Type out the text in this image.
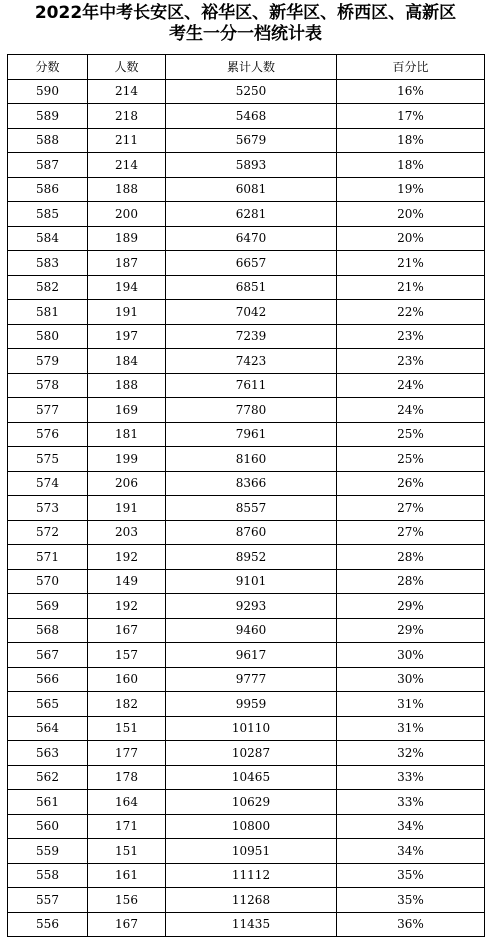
2022年中考长安区、裕华区、新华区、桥西区、高新区
考生一分一档统计表
分数	人数	累计人数	百分比
590	214	5250	16%
589	218	5468	17%
588	211	5679	18%
587	214	5893	18%
586	188	6081	19%
585	200	6281	20%
584	189	6470	20%
583	187	6657	21%
582	194	6851	21%
581	191	7042	22%
580	197	7239	23%
579	184	7423	23%
578	188	7611	24%
577	169	7780	24%
576	181	7961	25%
575	199	8160	25%
574	206	8366	26%
573	191	8557	27%
572	203	8760	27%
571	192	8952	28%
570	149	9101	28%
569	192	9293	29%
568	167	9460	29%
567	157	9617	30%
566	160	9777	30%
565	182	9959	31%
564	151	10110	31%
563	177	10287	32%
562	178	10465	33%
561	164	10629	33%
560	171	10800	34%
559	151	10951	34%
558	161	11112	35%
557	156	11268	35%
556	167	11435	36%
